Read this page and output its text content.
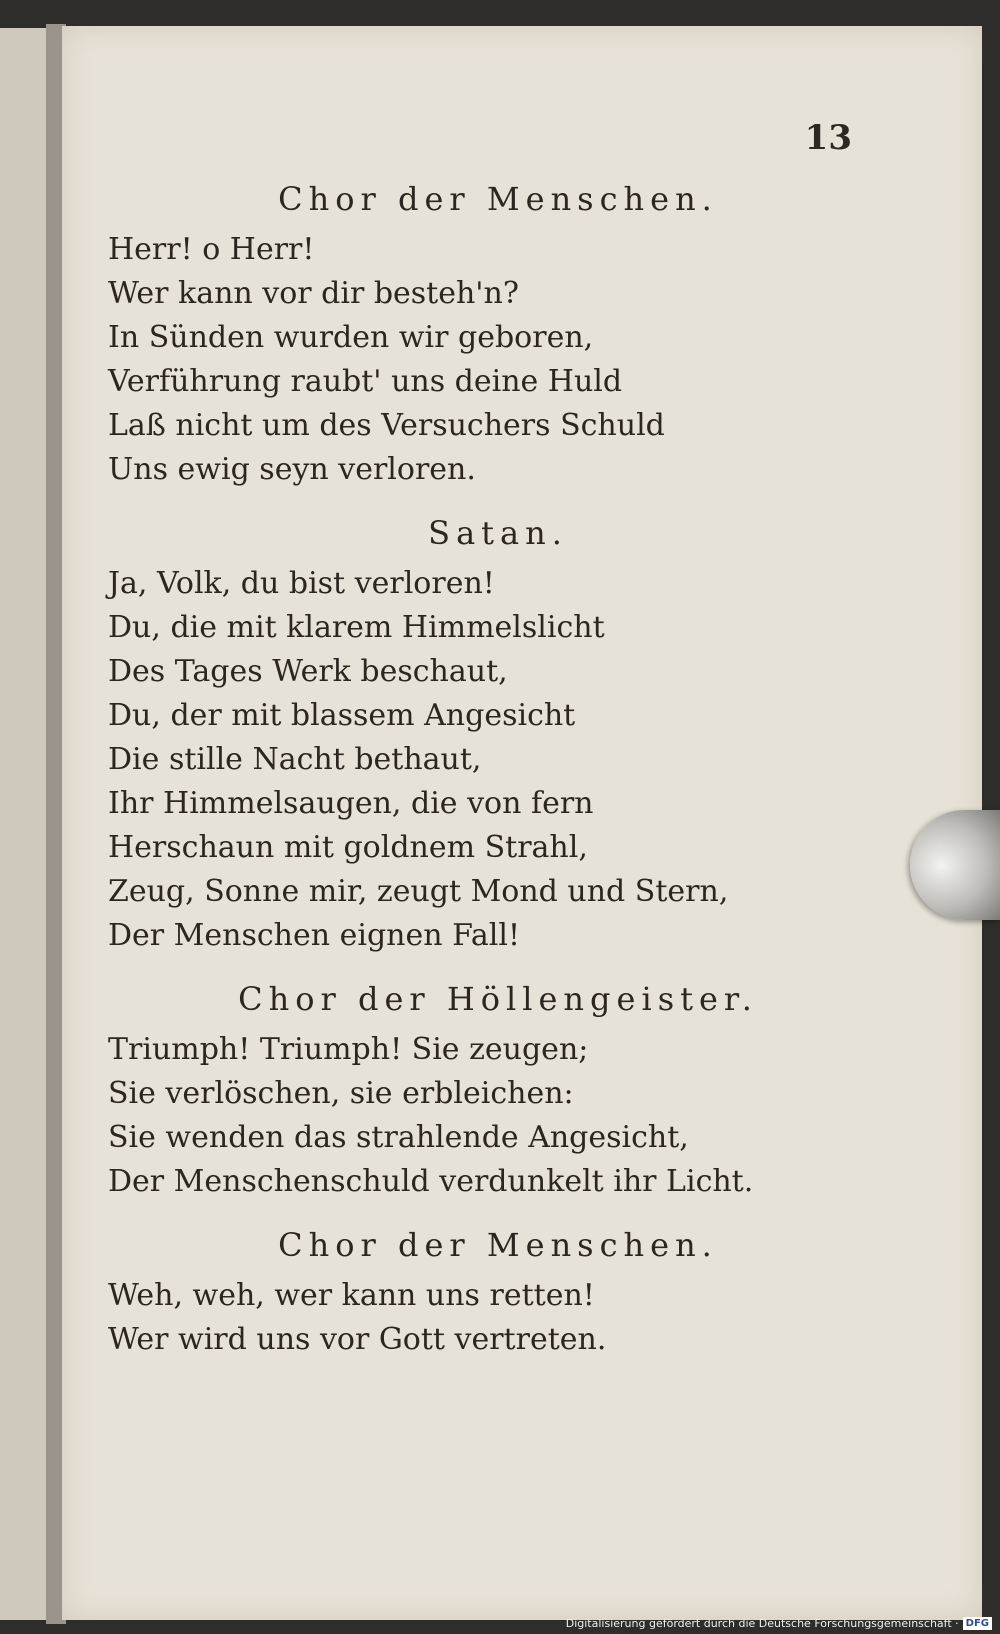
13
Chor der Menschen.
Herr! o Herr!
Wer kann vor dir besteh'n?
In Sünden wurden wir geboren,
Verführung raubt' uns deine Huld
Laß nicht um des Versuchers Schuld
Uns ewig seyn verloren.
Satan.
Ja, Volk, du bist verloren!
Du, die mit klarem Himmelslicht
Des Tages Werk beschaut,
Du, der mit blassem Angesicht
Die stille Nacht bethaut,
Ihr Himmelsaugen, die von fern
Herschaun mit goldnem Strahl,
Zeug, Sonne mir, zeugt Mond und Stern,
Der Menschen eignen Fall!
Chor der Höllengeister.
Triumph! Triumph! Sie zeugen;
Sie verlöschen, sie erbleichen:
Sie wenden das strahlende Angesicht,
Der Menschenschuld verdunkelt ihr Licht.
Chor der Menschen.
Weh, weh, wer kann uns retten!
Wer wird uns vor Gott vertreten.
Digitalisierung gefördert durch die Deutsche Forschungsgemeinschaft · DFG
